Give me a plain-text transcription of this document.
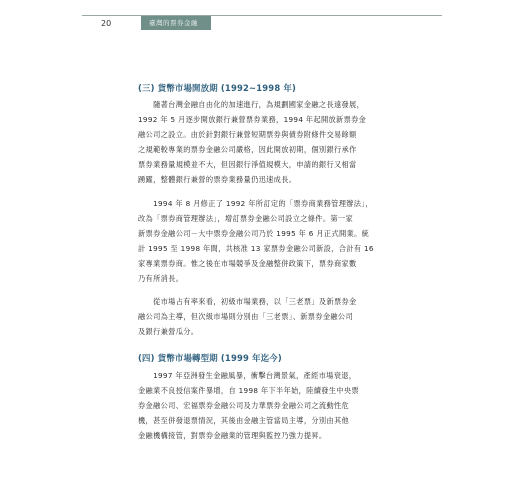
20	臺灣的票券金融
(三) 貨幣市場開放期 (1992~1998 年)

　　隨著台灣金融自由化的加速進行，為規劃國家金融之長遠發展，

1992 年 5 月逐步開放銀行兼營票券業務，1994 年起開放新票券金

融公司之設立。由於針對銀行兼營短期票券與債券附條件交易餘額

之規範較專業的票券金融公司嚴格，因此開放初期，個別銀行承作

票券業務量規模並不大，但因銀行淨值規模大，申請的銀行又相當

踴躍，整體銀行兼營的票券業務量仍迅速成長。

　　1994 年 8 月修正了 1992 年所訂定的「票券商業務管理辦法」，

改為「票券商管理辦法」，增訂票券金融公司設立之條件。第一家

新票券金融公司－大中票券金融公司乃於 1995 年 6 月正式開業。統

計 1995 至 1998 年間，共核准 13 家票券金融公司新設，合計有 16

家專業票券商。惟之後在市場競爭及金融整併政策下，票券商家數

乃有所消長。

　　從市場占有率來看，初級市場業務，以「三老票」及新票券金

融公司為主導，但次級市場則分別由「三老票」、新票券金融公司

及銀行兼營瓜分。

(四) 貨幣市場轉型期 (1999 年迄今)

　　1997 年亞洲發生金融風暴，衝擊台灣景氣，產經市場衰退，

金融業不良授信案件暴增，自 1998 年下半年始，陸續發生中央票

券金融公司、宏福票券金融公司及力華票券金融公司之流動性危

機，甚至併發退票情況，其後由金融主管當局主導，分別由其他

金融機構接管，對票券金融業的管理與監控乃強力提昇。
